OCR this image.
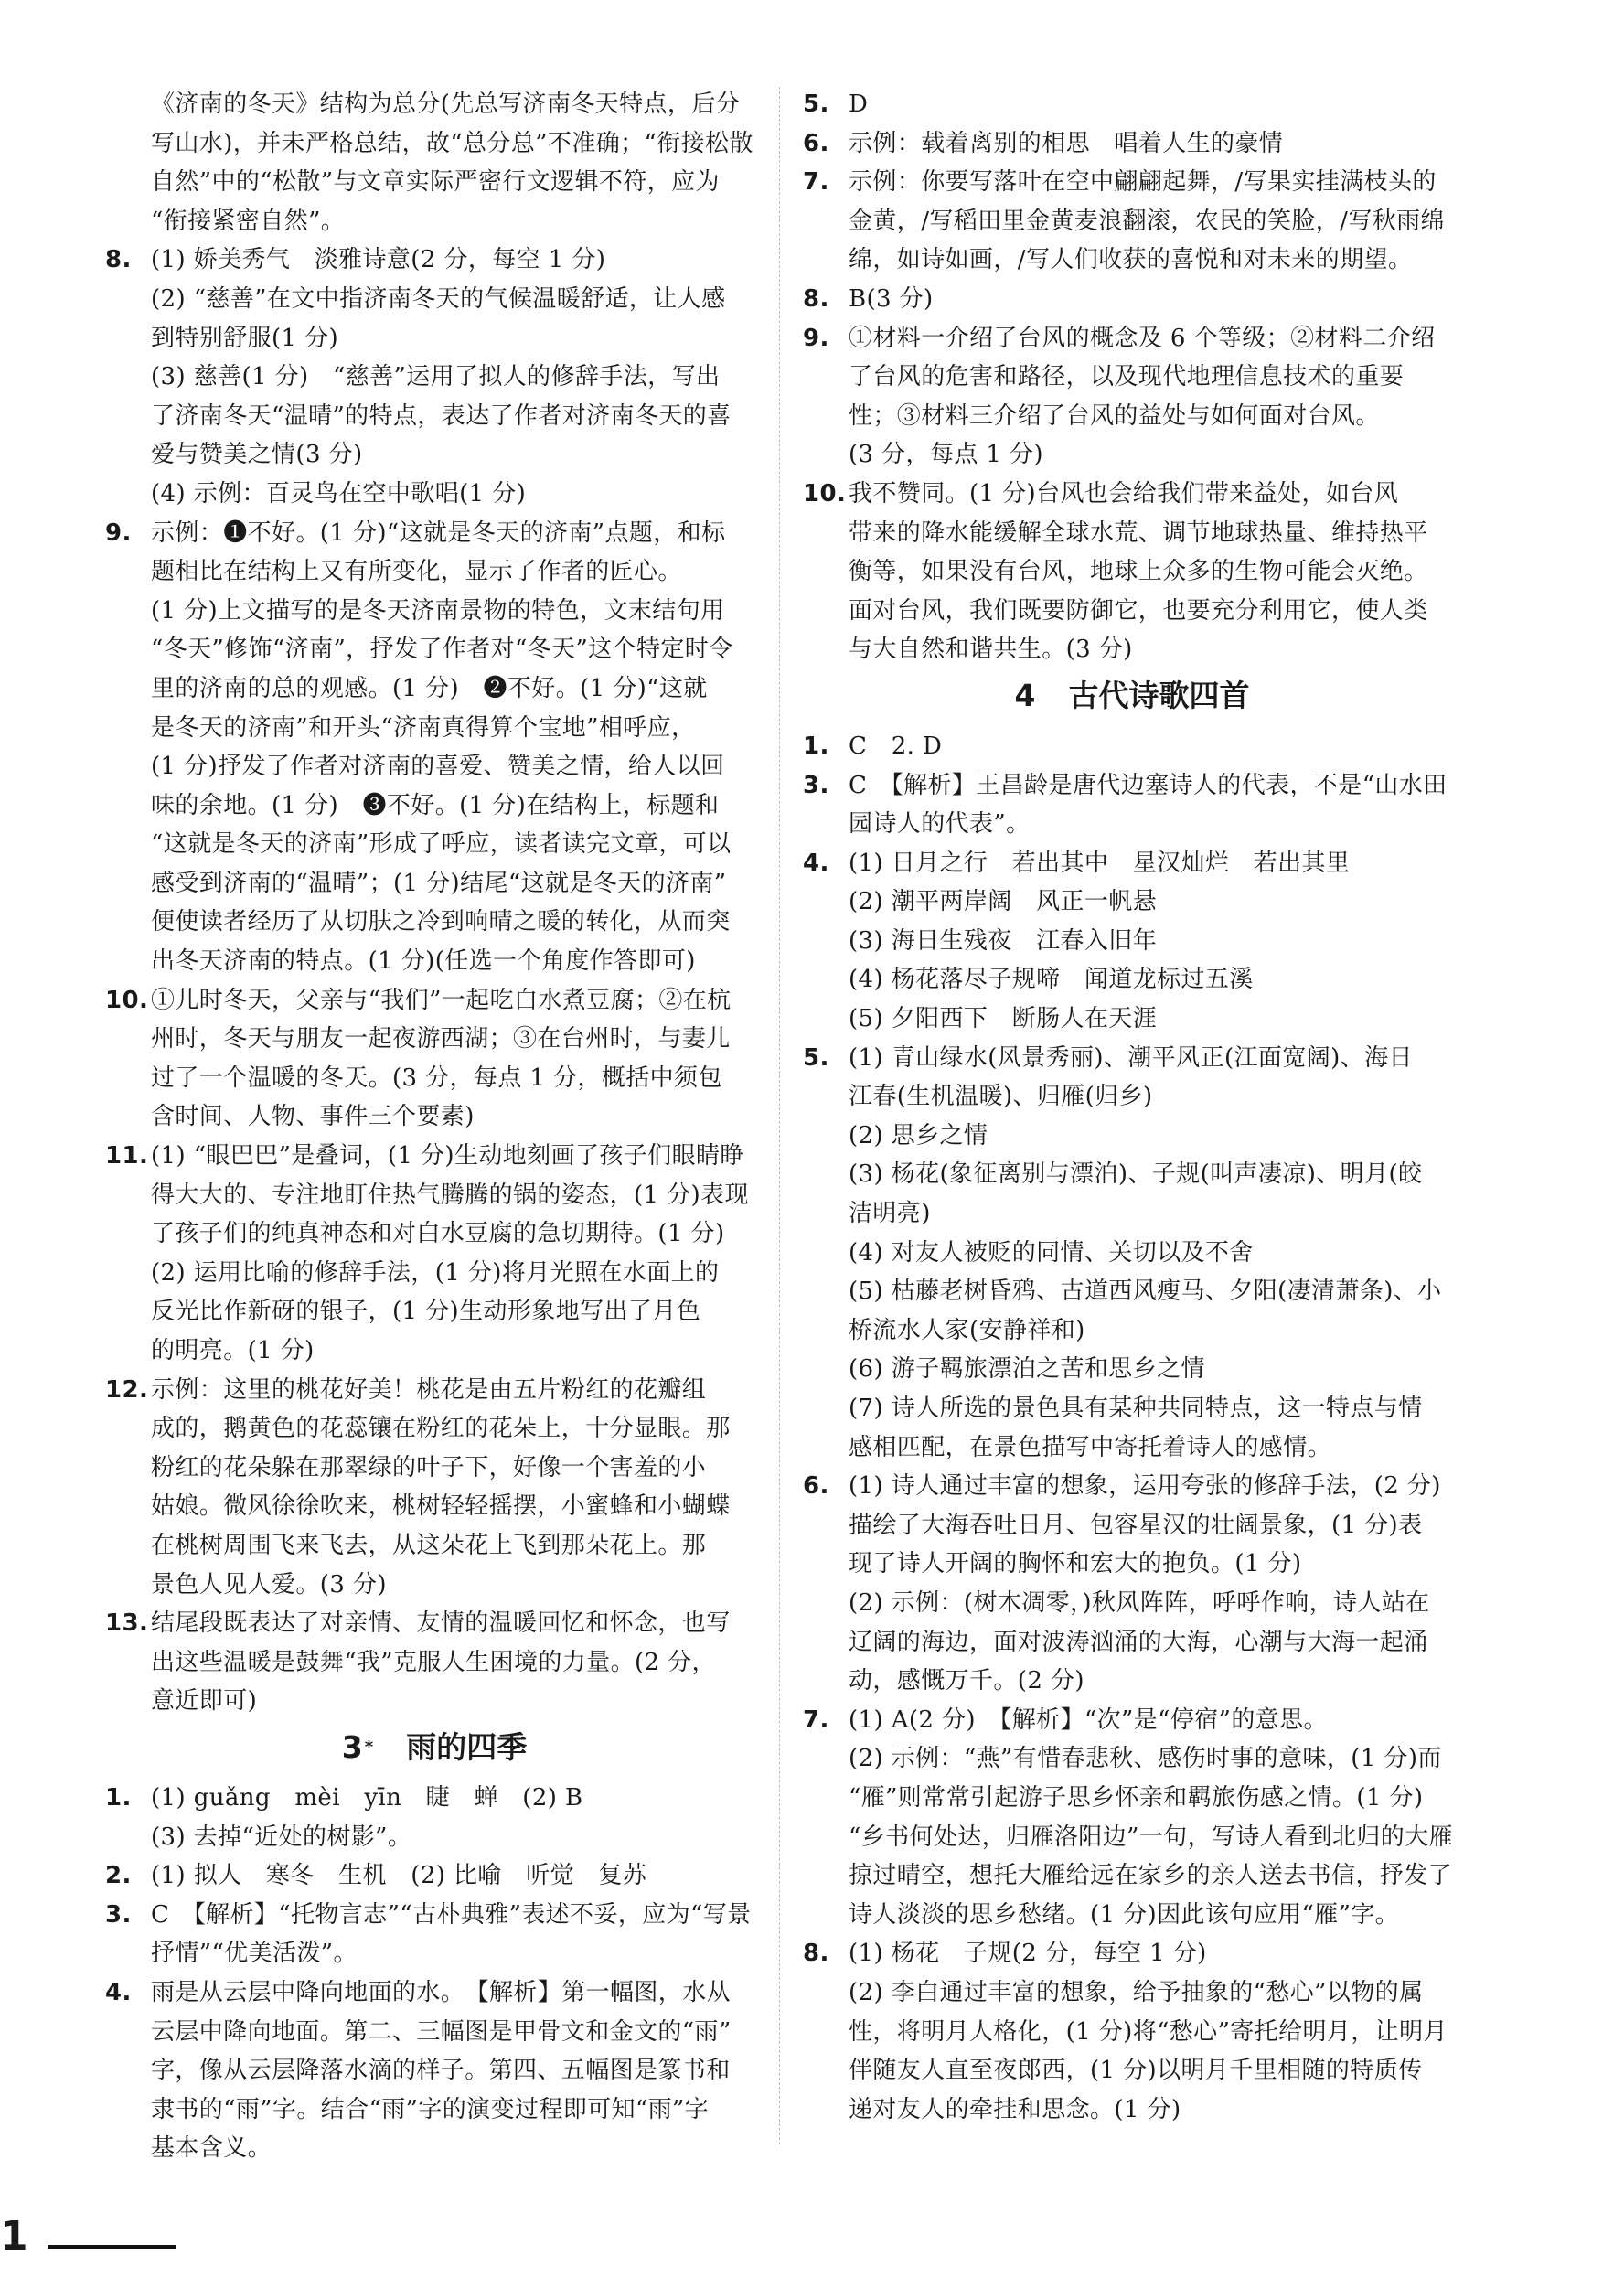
《济南的冬天》结构为总分(先总写济南冬天特点，后分
写山水)，并未严格总结，故“总分总”不准确；“衔接松散
自然”中的“松散”与文章实际严密行文逻辑不符，应为
“衔接紧密自然”。
8. (1) 娇美秀气　淡雅诗意(2 分，每空 1 分)
(2) “慈善”在文中指济南冬天的气候温暖舒适，让人感
到特别舒服(1 分)
(3) 慈善(1 分)　“慈善”运用了拟人的修辞手法，写出
了济南冬天“温晴”的特点，表达了作者对济南冬天的喜
爱与赞美之情(3 分)
(4) 示例：百灵鸟在空中歌唱(1 分)
9. 示例：❶不好。(1 分)“这就是冬天的济南”点题，和标
题相比在结构上又有所变化，显示了作者的匠心。
(1 分)上文描写的是冬天济南景物的特色，文末结句用
“冬天”修饰“济南”，抒发了作者对“冬天”这个特定时令
里的济南的总的观感。(1 分)　❷不好。(1 分)“这就
是冬天的济南”和开头“济南真得算个宝地”相呼应，
(1 分)抒发了作者对济南的喜爱、赞美之情，给人以回
味的余地。(1 分)　❸不好。(1 分)在结构上，标题和
“这就是冬天的济南”形成了呼应，读者读完文章，可以
感受到济南的“温晴”；(1 分)结尾“这就是冬天的济南”
便使读者经历了从切肤之冷到响晴之暖的转化，从而突
出冬天济南的特点。(1 分)(任选一个角度作答即可)
10. ①儿时冬天，父亲与“我们”一起吃白水煮豆腐；②在杭
州时，冬天与朋友一起夜游西湖；③在台州时，与妻儿
过了一个温暖的冬天。(3 分，每点 1 分，概括中须包
含时间、人物、事件三个要素)
11. (1) “眼巴巴”是叠词，(1 分)生动地刻画了孩子们眼睛睁
得大大的、专注地盯住热气腾腾的锅的姿态，(1 分)表现
了孩子们的纯真神态和对白水豆腐的急切期待。(1 分)
(2) 运用比喻的修辞手法，(1 分)将月光照在水面上的
反光比作新砑的银子，(1 分)生动形象地写出了月色
的明亮。(1 分)
12. 示例：这里的桃花好美！桃花是由五片粉红的花瓣组
成的，鹅黄色的花蕊镶在粉红的花朵上，十分显眼。那
粉红的花朵躲在那翠绿的叶子下，好像一个害羞的小
姑娘。微风徐徐吹来，桃树轻轻摇摆，小蜜蜂和小蝴蝶
在桃树周围飞来飞去，从这朵花上飞到那朵花上。那
景色人见人爱。(3 分)
13. 结尾段既表达了对亲情、友情的温暖回忆和怀念，也写
出这些温暖是鼓舞“我”克服人生困境的力量。(2 分，
意近即可)
3 * 雨的四季
1. (1) guǎng　mèi　yīn　睫　蝉　(2) B
(3) 去掉“近处的树影”。
2. (1) 拟人　寒冬　生机　(2) 比喻　听觉　复苏
3. C　【解析】“托物言志”“古朴典雅”表述不妥，应为“写景
抒情”“优美活泼”。
4. 雨是从云层中降向地面的水。　【解析】第一幅图，水从
云层中降向地面。第二、三幅图是甲骨文和金文的“雨”
字，像从云层降落水滴的样子。第四、五幅图是篆书和
隶书的“雨”字。结合“雨”字的演变过程即可知“雨”字
基本含义。
5. D
6. 示例：载着离别的相思　唱着人生的豪情
7. 示例：你要写落叶在空中翩翩起舞，/写果实挂满枝头的
金黄，/写稻田里金黄麦浪翻滚，农民的笑脸，/写秋雨绵
绵，如诗如画，/写人们收获的喜悦和对未来的期望。
8. B(3 分)
9. ①材料一介绍了台风的概念及 6 个等级；②材料二介绍
了台风的危害和路径，以及现代地理信息技术的重要
性；③材料三介绍了台风的益处与如何面对台风。
(3 分，每点 1 分)
10. 我不赞同。(1 分)台风也会给我们带来益处，如台风
带来的降水能缓解全球水荒、调节地球热量、维持热平
衡等，如果没有台风，地球上众多的生物可能会灭绝。
面对台风，我们既要防御它，也要充分利用它，使人类
与大自然和谐共生。(3 分)
4 古代诗歌四首
1. C　2. D
3. C　【解析】王昌龄是唐代边塞诗人的代表，不是“山水田
园诗人的代表”。
4. (1) 日月之行　若出其中　星汉灿烂　若出其里
(2) 潮平两岸阔　风正一帆悬
(3) 海日生残夜　江春入旧年
(4) 杨花落尽子规啼　闻道龙标过五溪
(5) 夕阳西下　断肠人在天涯
5. (1) 青山绿水(风景秀丽)、潮平风正(江面宽阔)、海日
江春(生机温暖)、归雁(归乡)
(2) 思乡之情
(3) 杨花(象征离别与漂泊)、子规(叫声凄凉)、明月(皎
洁明亮)
(4) 对友人被贬的同情、关切以及不舍
(5) 枯藤老树昏鸦、古道西风瘦马、夕阳(凄清萧条)、小
桥流水人家(安静祥和)
(6) 游子羁旅漂泊之苦和思乡之情
(7) 诗人所选的景色具有某种共同特点，这一特点与情
感相匹配，在景色描写中寄托着诗人的感情。
6. (1) 诗人通过丰富的想象，运用夸张的修辞手法，(2 分)
描绘了大海吞吐日月、包容星汉的壮阔景象，(1 分)表
现了诗人开阔的胸怀和宏大的抱负。(1 分)
(2) 示例：(树木凋零，)秋风阵阵，呼呼作响，诗人站在
辽阔的海边，面对波涛汹涌的大海，心潮与大海一起涌
动，感慨万千。(2 分)
7. (1) A(2 分)　【解析】“次”是“停宿”的意思。
(2) 示例：“燕”有惜春悲秋、感伤时事的意味，(1 分)而
“雁”则常常引起游子思乡怀亲和羁旅伤感之情。(1 分)
“乡书何处达，归雁洛阳边”一句，写诗人看到北归的大雁
掠过晴空，想托大雁给远在家乡的亲人送去书信，抒发了
诗人淡淡的思乡愁绪。(1 分)因此该句应用“雁”字。
8. (1) 杨花　子规(2 分，每空 1 分)
(2) 李白通过丰富的想象，给予抽象的“愁心”以物的属
性，将明月人格化，(1 分)将“愁心”寄托给明月，让明月
伴随友人直至夜郎西，(1 分)以明月千里相随的特质传
递对友人的牵挂和思念。(1 分)
1
